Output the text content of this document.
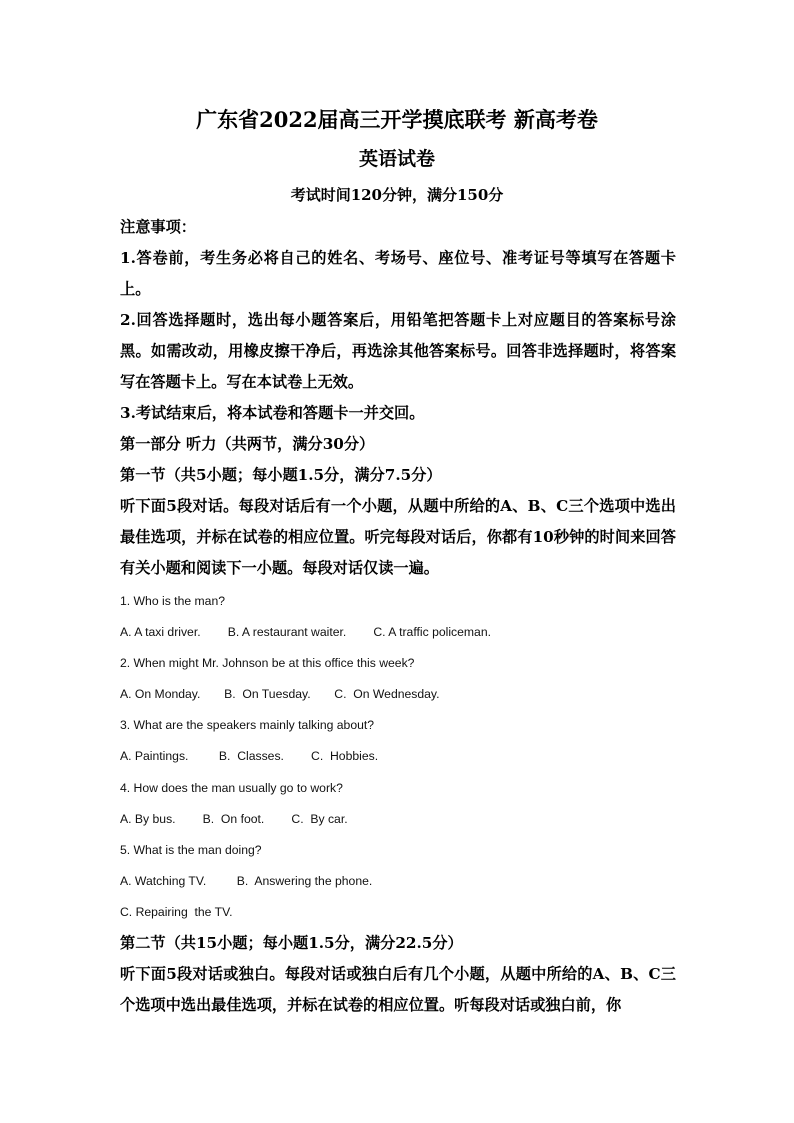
广东省2022届高三开学摸底联考 新高考卷
英语试卷
考试时间120分钟，满分150分
注意事项：
1.答卷前，考生务必将自己的姓名、考场号、座位号、准考证号等填写在答题卡上。
2.回答选择题时，选出每小题答案后，用铅笔把答题卡上对应题目的答案标号涂黑。如需改动，用橡皮擦干净后，再选涂其他答案标号。回答非选择题时，将答案写在答题卡上。写在本试卷上无效。
3.考试结束后，将本试卷和答题卡一并交回。
第一部分 听力（共两节，满分30分）
第一节（共5小题；每小题1.5分，满分7.5分）
听下面5段对话。每段对话后有一个小题，从题中所给的A、B、C三个选项中选出最佳选项，并标在试卷的相应位置。听完每段对话后，你都有10秒钟的时间来回答有关小题和阅读下一小题。每段对话仅读一遍。
1. Who is the man?
A. A taxi driver. B. A restaurant waiter. C. A traffic policeman.
2. When might Mr. Johnson be at this office this week?
A. On Monday. B.  On Tuesday. C.  On Wednesday.
3. What are the speakers mainly talking about?
A. Paintings. B.  Classes. C.  Hobbies.
4. How does the man usually go to work?
A. By bus. B.  On foot. C.  By car.
5. What is the man doing?
A. Watching TV. B.  Answering the phone.
C. Repairing  the TV.
第二节（共15小题；每小题1.5分，满分22.5分）
听下面5段对话或独白。每段对话或独白后有几个小题，从题中所给的A、B、C三个选项中选出最佳选项，并标在试卷的相应位置。听每段对话或独白前，你
